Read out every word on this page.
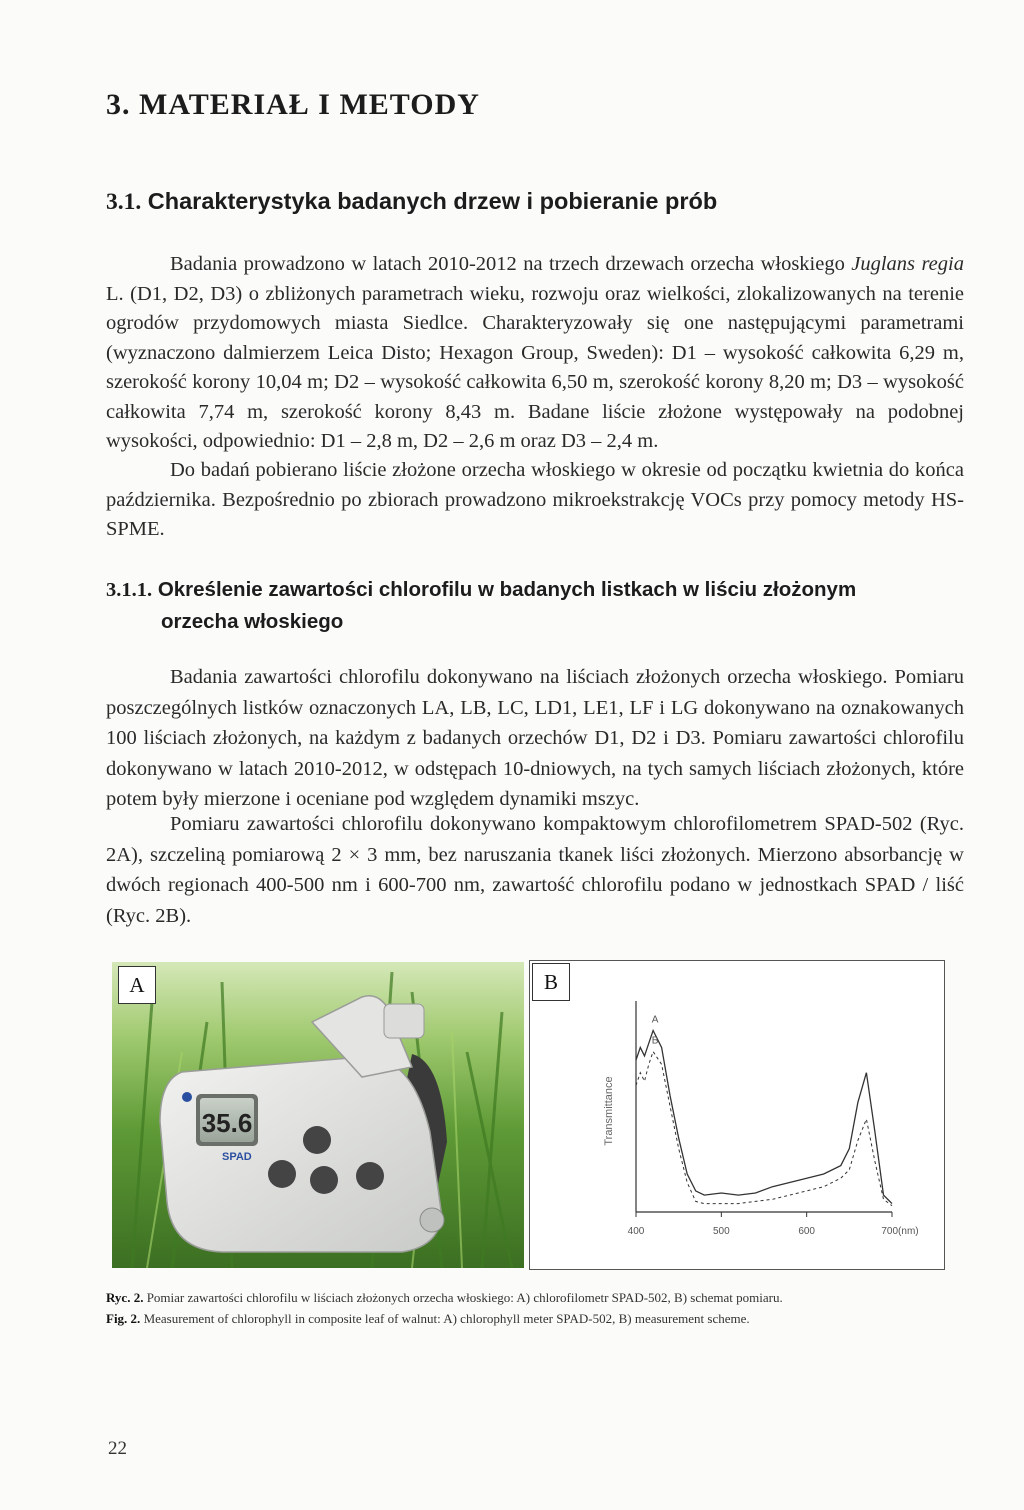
3. MATERIAŁ I METODY
3.1. Charakterystyka badanych drzew i pobieranie prób

Badania prowadzono w latach 2010-2012 na trzech drzewach orzecha włoskiego Juglans regia L. (D1, D2, D3) o zbliżonych parametrach wieku, rozwoju oraz wielkości, zlokalizowanych na terenie ogrodów przydomowych miasta Siedlce. Charakteryzowały się one następującymi parametrami (wyznaczono dalmierzem Leica Disto; Hexagon Group, Sweden): D1 – wysokość całkowita 6,29 m, szerokość korony 10,04 m; D2 – wysokość całkowita 6,50 m, szerokość korony 8,20 m; D3 – wysokość całkowita 7,74 m, szerokość korony 8,43 m. Badane liście złożone występowały na podobnej wysokości, odpowiednio: D1 – 2,8 m, D2 – 2,6 m oraz D3 – 2,4 m.

Do badań pobierano liście złożone orzecha włoskiego w okresie od początku kwietnia do końca października. Bezpośrednio po zbiorach prowadzono mikroekstrakcję VOCs przy pomocy metody HS-SPME.

3.1.1. Określenie zawartości chlorofilu w badanych listkach w liściu złożonym
orzecha włoskiego

Badania zawartości chlorofilu dokonywano na liściach złożonych orzecha włoskiego. Pomiaru poszczególnych listków oznaczonych LA, LB, LC, LD1, LE1, LF i LG dokonywano na oznakowanych 100 liściach złożonych, na każdym z badanych orzechów D1, D2 i D3. Pomiaru zawartości chlorofilu dokonywano w latach 2010-2012, w odstępach 10-dniowych, na tych samych liściach złożonych, które potem były mierzone i oceniane pod względem dynamiki mszyc.

Pomiaru zawartości chlorofilu dokonywano kompaktowym chlorofilometrem SPAD-502 (Ryc. 2A), szczeliną pomiarową 2 × 3 mm, bez naruszania tkanek liści złożonych. Mierzono absorbancję w dwóch regionach 400-500 nm i 600-700 nm, zawartość chlorofilu podano w jednostkach SPAD / liść (Ryc. 2B).

35.6
SPAD
A	B
Transmittance
400	500	600	700(nm)
A
B

Ryc. 2. Pomiar zawartości chlorofilu w liściach złożonych orzecha włoskiego: A) chlorofilometr SPAD-502, B) schemat pomiaru.

Fig. 2. Measurement of chlorophyll in composite leaf of walnut: A) chlorophyll meter SPAD-502, B) measurement scheme.

22
